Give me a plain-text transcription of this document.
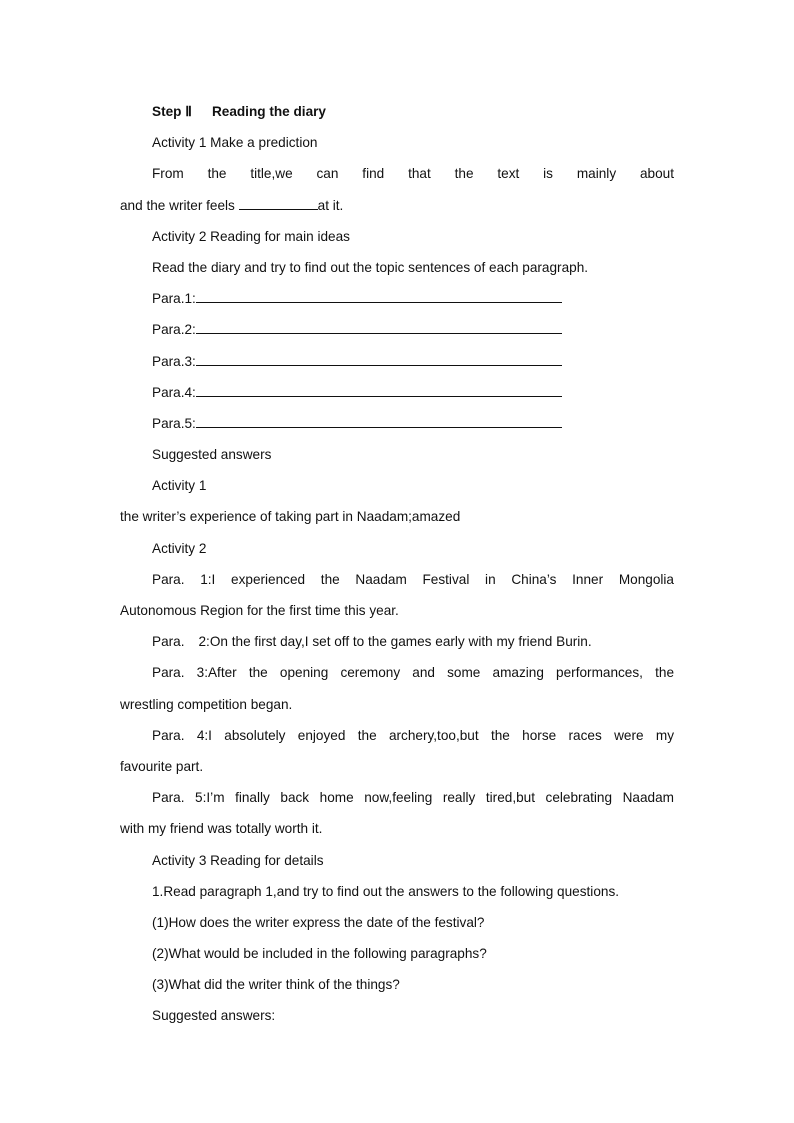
Step Ⅱ Reading the diary
Activity 1 Make a prediction
From the title,we can find that the text is mainly about
and the writer feels	at it.
Activity 2 Reading for main ideas
Read the diary and try to find out the topic sentences of each paragraph.
Para.1:
Para.2:
Para.3:
Para.4:
Para.5:
Suggested answers
Activity 1
the writer’s experience of taking part in Naadam;amazed
Activity 2
Para. 1:I experienced the Naadam Festival in China’s Inner Mongolia
Autonomous Region for the first time this year.
Para. 2:On the first day,I set off to the games early with my friend Burin.
Para. 3:After the opening ceremony and some amazing performances, the
wrestling competition began.
Para. 4:I absolutely enjoyed the archery,too,but the horse races were my
favourite part.
Para. 5:I’m finally back home now,feeling really tired,but celebrating Naadam
with my friend was totally worth it.
Activity 3 Reading for details
1.Read paragraph 1,and try to find out the answers to the following questions.
(1)How does the writer express the date of the festival?
(2)What would be included in the following paragraphs?
(3)What did the writer think of the things?
Suggested answers:
